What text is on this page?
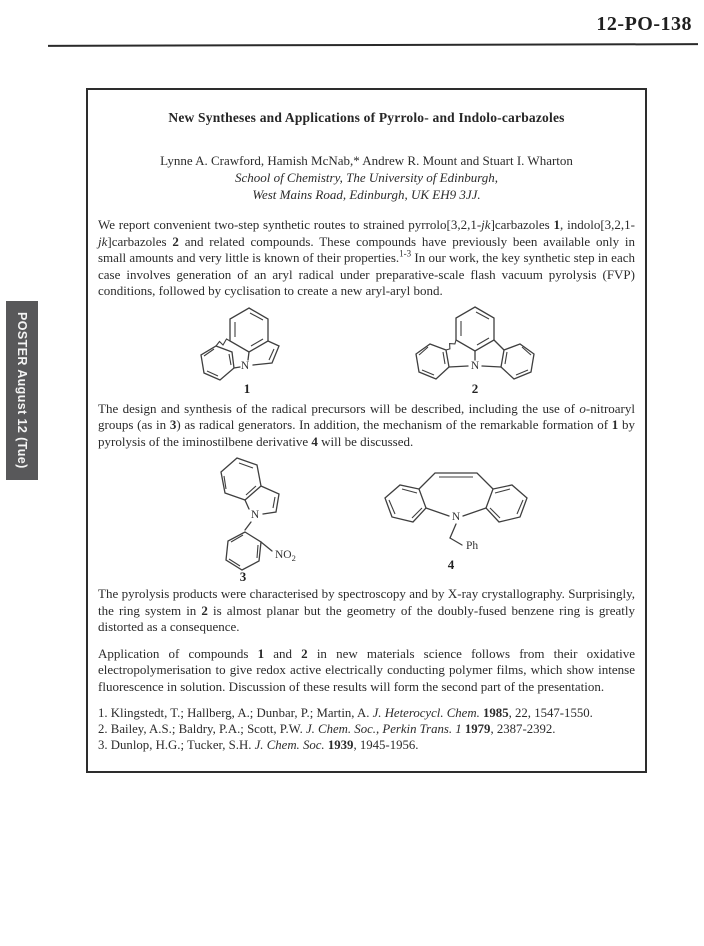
12-PO-138
POSTER August 12 (Tue)
New Syntheses and Applications of Pyrrolo- and Indolo-carbazoles
Lynne A. Crawford, Hamish McNab,* Andrew R. Mount and Stuart I. Wharton
School of Chemistry, The University of Edinburgh,
West Mains Road, Edinburgh, UK EH9 3JJ.
We report convenient two-step synthetic routes to strained pyrrolo[3,2,1-jk]carbazoles 1, indolo[3,2,1-jk]carbazoles 2 and related compounds. These compounds have previously been available only in small amounts and very little is known of their properties.$^{1-3}$ In our work, the key synthetic step in each case involves generation of an aryl radical under preparative-scale flash vacuum pyrolysis (FVP) conditions, followed by cyclisation to create a new aryl-aryl bond.
N
1
N
2
The design and synthesis of the radical precursors will be described, including the use of o-nitroaryl groups (as in 3) as radical generators. In addition, the mechanism of the remarkable formation of 1 by pyrolysis of the iminostilbene derivative 4 will be discussed.
N
$NO_2$
3
N
Ph
4
The pyrolysis products were characterised by spectroscopy and by X-ray crystallography. Surprisingly, the ring system in 2 is almost planar but the geometry of the doubly-fused benzene ring is greatly distorted as a consequence.
Application of compounds 1 and 2 in new materials science follows from their oxidative electropolymerisation to give redox active electrically conducting polymer films, which show intense fluorescence in solution. Discussion of these results will form the second part of the presentation.
1. Klingstedt, T.; Hallberg, A.; Dunbar, P.; Martin, A. J. Heterocycl. Chem. 1985, 22, 1547-1550.
2. Bailey, A.S.; Baldry, P.A.; Scott, P.W. J. Chem. Soc., Perkin Trans. 1 1979, 2387-2392.
3. Dunlop, H.G.; Tucker, S.H. J. Chem. Soc. 1939, 1945-1956.
